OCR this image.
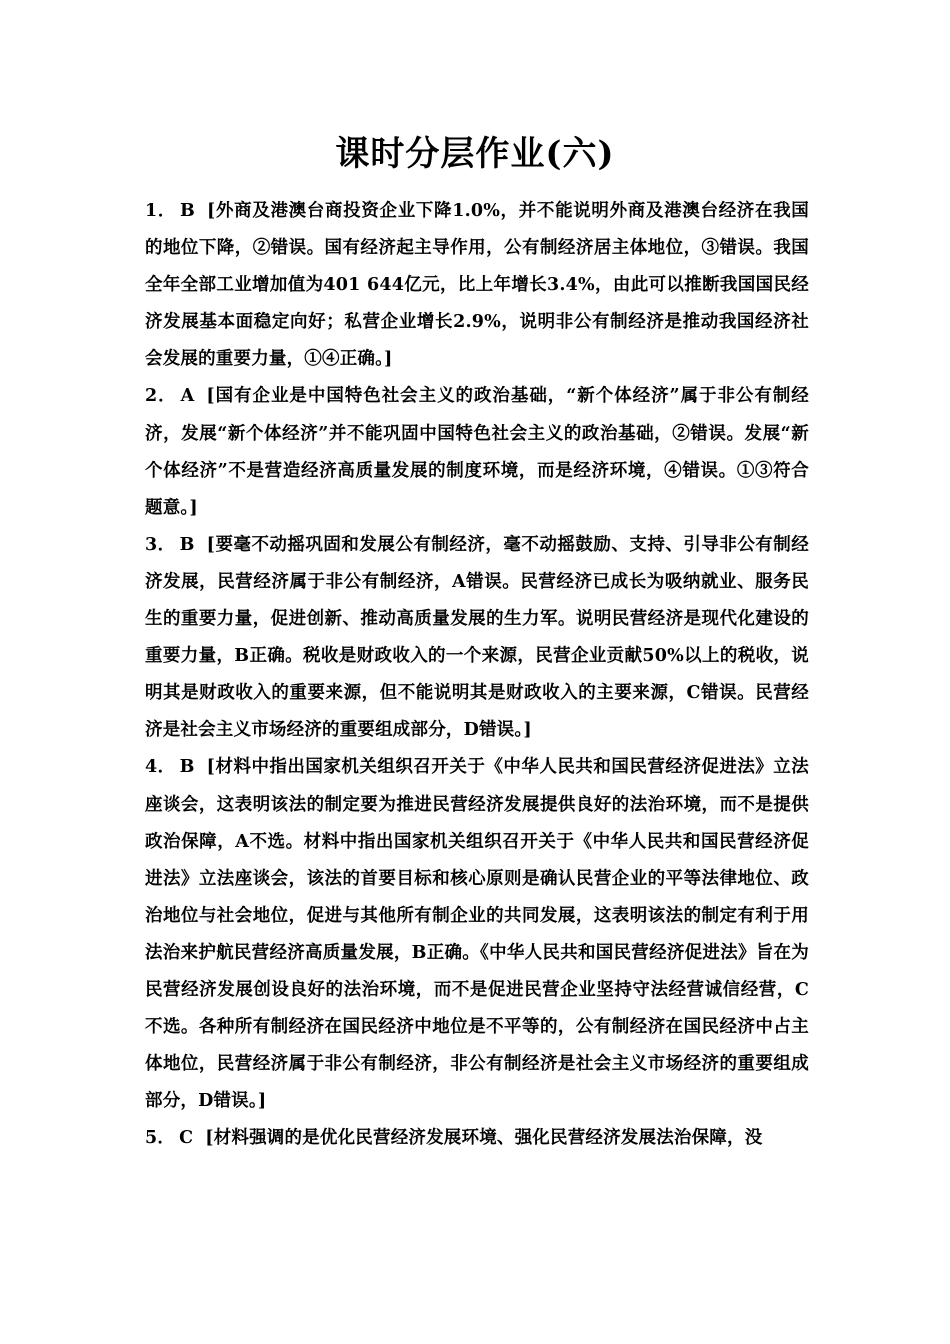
课时分层作业(六)

1． B [外商及港澳台商投资企业下降1.0%，并不能说明外商及港澳台经济在我国的地位下降，②错误。国有经济起主导作用，公有制经济居主体地位，③错误。我国全年全部工业增加值为401 644亿元，比上年增长3.4%，由此可以推断我国国民经济发展基本面稳定向好；私营企业增长2.9%，说明非公有制经济是推动我国经济社会发展的重要力量，①④正确。]

2． A [国有企业是中国特色社会主义的政治基础，“新个体经济”属于非公有制经济，发展“新个体经济”并不能巩固中国特色社会主义的政治基础，②错误。发展“新个体经济”不是营造经济高质量发展的制度环境，而是经济环境，④错误。①③符合题意。]

3． B [要毫不动摇巩固和发展公有制经济，毫不动摇鼓励、支持、引导非公有制经济发展，民营经济属于非公有制经济，A错误。民营经济已成长为吸纳就业、服务民生的重要力量，促进创新、推动高质量发展的生力军。说明民营经济是现代化建设的重要力量，B正确。税收是财政收入的一个来源，民营企业贡献50%以上的税收，说明其是财政收入的重要来源，但不能说明其是财政收入的主要来源，C错误。民营经济是社会主义市场经济的重要组成部分，D错误。]

4． B [材料中指出国家机关组织召开关于《中华人民共和国民营经济促进法》立法座谈会，这表明该法的制定要为推进民营经济发展提供良好的法治环境，而不是提供政治保障，A不选。材料中指出国家机关组织召开关于《中华人民共和国民营经济促进法》立法座谈会，该法的首要目标和核心原则是确认民营企业的平等法律地位、政治地位与社会地位，促进与其他所有制企业的共同发展，这表明该法的制定有利于用法治来护航民营经济高质量发展，B正确。《中华人民共和国民营经济促进法》旨在为民营经济发展创设良好的法治环境，而不是促进民营企业坚持守法经营诚信经营，C不选。各种所有制经济在国民经济中地位是不平等的，公有制经济在国民经济中占主体地位，民营经济属于非公有制经济，非公有制经济是社会主义市场经济的重要组成部分，D错误。]

5． C [材料强调的是优化民营经济发展环境、强化民营经济发展法治保障，没
